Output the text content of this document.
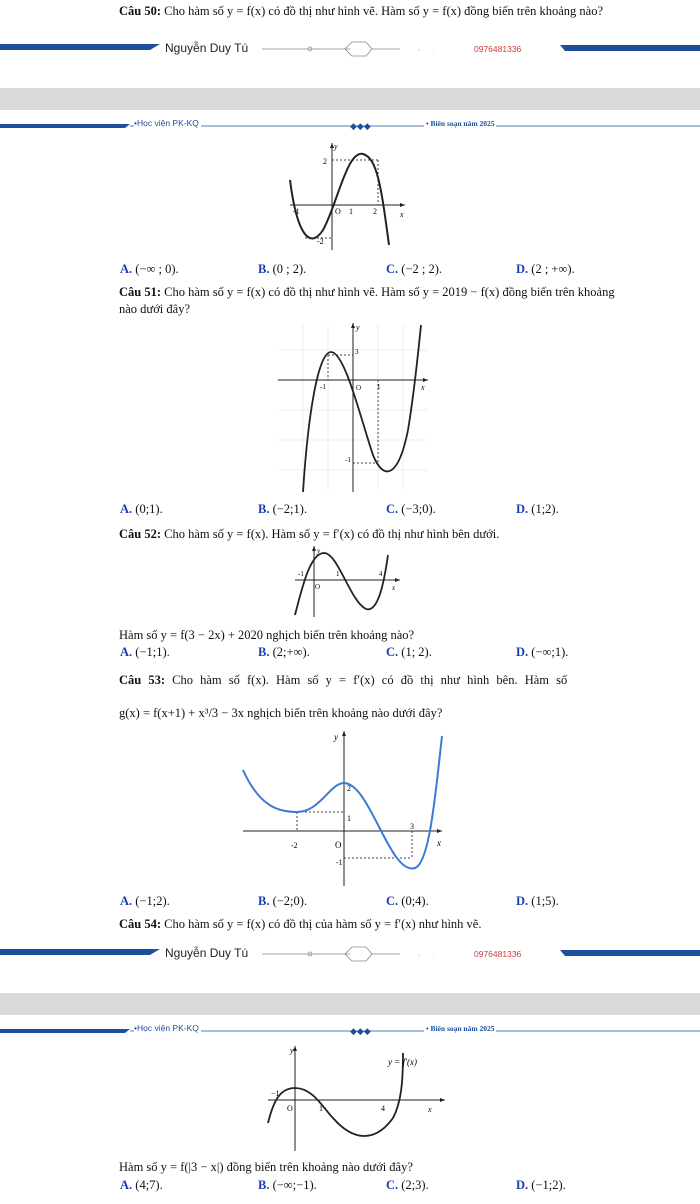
Câu 50: Cho hàm số y = f(x) có đồ thị như hình vẽ. Hàm số y = f(x) đồng biến trên khoảng nào?
◦ ·
Nguyễn Duy Tú	0976481336
◆◆◆
•Học viện PK-KQ	• Biên soạn năm 2025
y
x
O
-1	1	2
2
-2
A. (−∞ ; 0).	B. (0 ; 2).	C. (−2 ; 2).	D. (2 ; +∞).
Câu 51: Cho hàm số y = f(x) có đồ thị như hình vẽ. Hàm số y = 2019 − f(x) đồng biến trên khoảng
nào dưới đây?
y
x
O
-1	1
3
-1
A. (0;1).	B. (−2;1).	C. (−3;0).	D. (1;2).
Câu 52: Cho hàm số y = f(x). Hàm số y = f′(x) có đồ thị như hình bên dưới.
y
x
O
-1	1	4
Hàm số y = f(3 − 2x) + 2020 nghịch biến trên khoảng nào?
A. (−1;1).	B. (2;+∞).	C. (1; 2).	D. (−∞;1).
Câu 53: Cho hàm số f(x). Hàm số y = f′(x) có đồ thị như hình bên. Hàm số
g(x) = f(x+1) + x³/3 − 3x nghịch biến trên khoảng nào dưới đây?
y
x
O
2
1
3
-2
-1
A. (−1;2).	B. (−2;0).	C. (0;4).	D. (1;5).
Câu 54: Cho hàm số y = f(x) có đồ thị của hàm số y = f′(x) như hình vẽ.
◦ ·
Nguyễn Duy Tú	0976481336
◆◆◆
•Học viện PK-KQ	• Biên soạn năm 2025
y
x
O
−1
1	4
y = f′(x)
Hàm số y = f(|3 − x|) đồng biến trên khoảng nào dưới đây?
A. (4;7).	B. (−∞;−1).	C. (2;3).	D. (−1;2).
